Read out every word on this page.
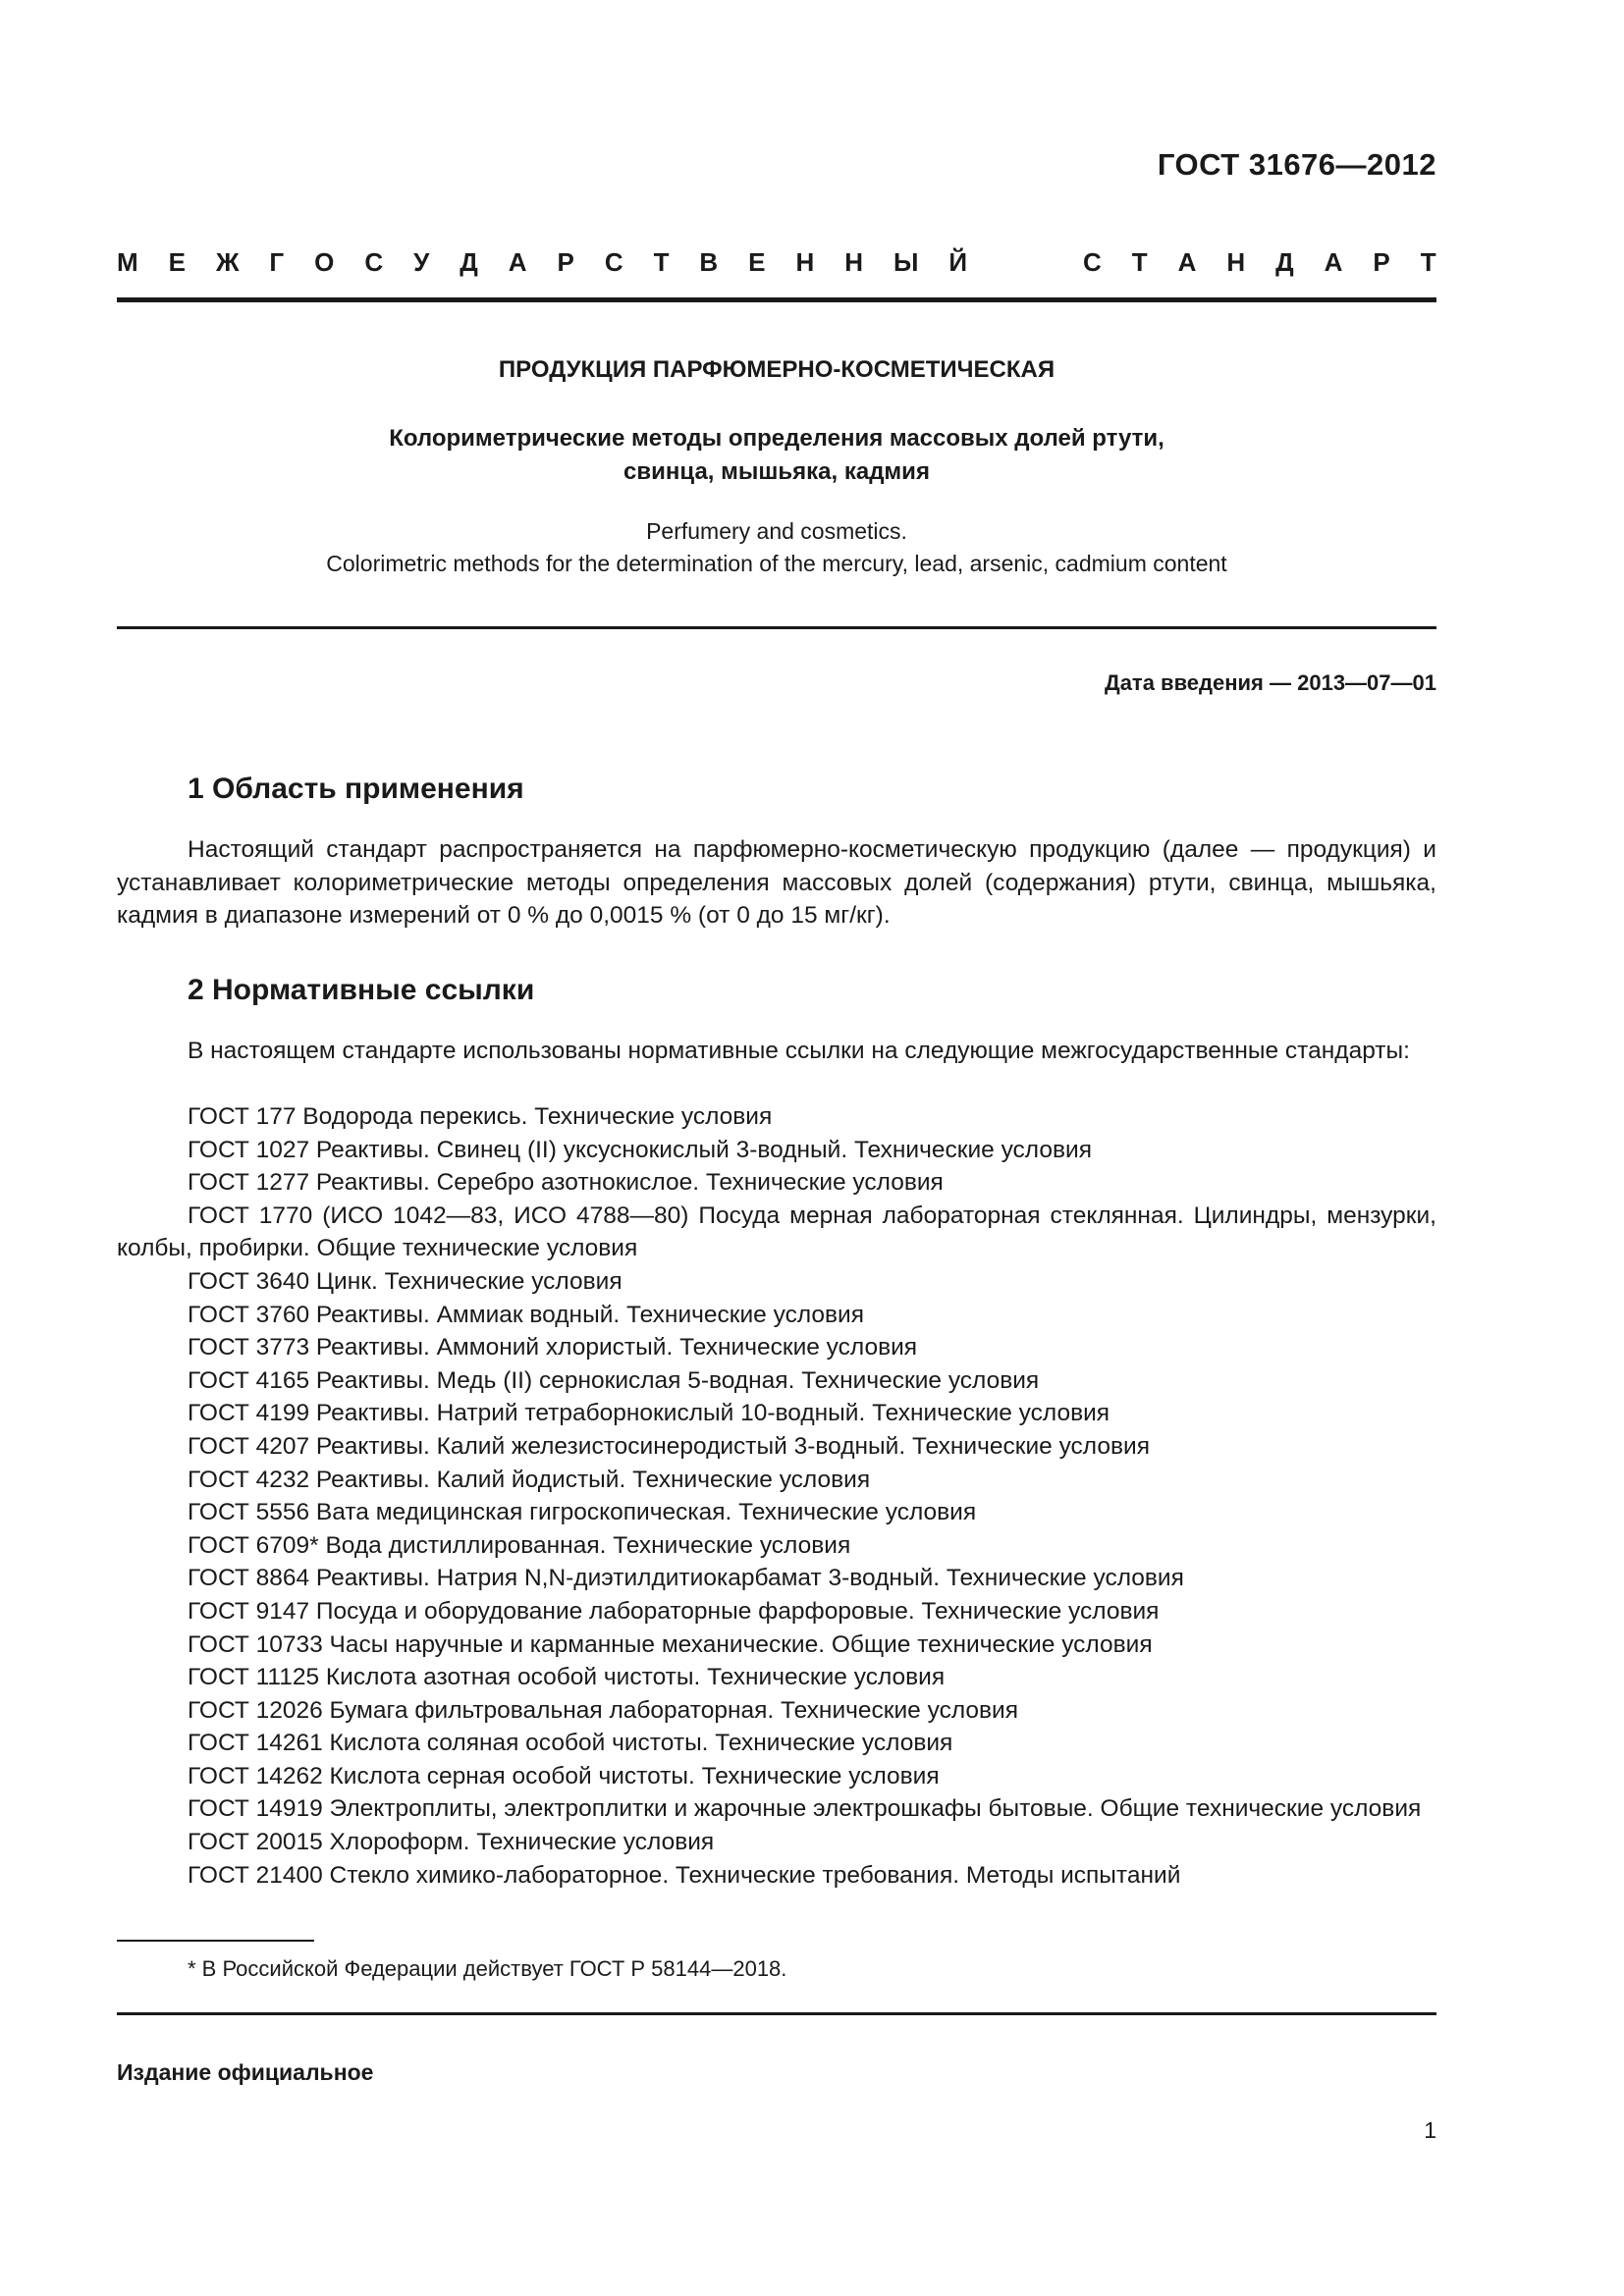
ГОСТ 31676—2012
М Е Ж Г О С У Д А Р С Т В Е Н Н Ы Й	С Т А Н Д А Р Т
ПРОДУКЦИЯ ПАРФЮМЕРНО-КОСМЕТИЧЕСКАЯ
Колориметрические методы определения массовых долей ртути,
свинца, мышьяка, кадмия
Perfumery and cosmetics.
Colorimetric methods for the determination of the mercury, lead, arsenic, cadmium content
Дата введения — 2013—07—01
1 Область применения
Настоящий стандарт распространяется на парфюмерно-косметическую продукцию (далее — продукция) и устанавливает колориметрические методы определения массовых долей (содержания) ртути, свинца, мышьяка, кадмия в диапазоне измерений от 0 % до 0,0015 % (от 0 до 15 мг/кг).
2 Нормативные ссылки
В настоящем стандарте использованы нормативные ссылки на следующие межгосударственные стандарты:
ГОСТ 177 Водорода перекись. Технические условия
ГОСТ 1027 Реактивы. Свинец (II) уксуснокислый 3-водный. Технические условия
ГОСТ 1277 Реактивы. Серебро азотнокислое. Технические условия
ГОСТ 1770 (ИСО 1042—83, ИСО 4788—80) Посуда мерная лабораторная стеклянная. Цилиндры, мензурки, колбы, пробирки. Общие технические условия
ГОСТ 3640 Цинк. Технические условия
ГОСТ 3760 Реактивы. Аммиак водный. Технические условия
ГОСТ 3773 Реактивы. Аммоний хлористый. Технические условия
ГОСТ 4165 Реактивы. Медь (II) сернокислая 5-водная. Технические условия
ГОСТ 4199 Реактивы. Натрий тетраборнокислый 10-водный. Технические условия
ГОСТ 4207 Реактивы. Калий железистосинеродистый 3-водный. Технические условия
ГОСТ 4232 Реактивы. Калий йодистый. Технические условия
ГОСТ 5556 Вата медицинская гигроскопическая. Технические условия
ГОСТ 6709* Вода дистиллированная. Технические условия
ГОСТ 8864 Реактивы. Натрия N,N-диэтилдитиокарбамат 3-водный. Технические условия
ГОСТ 9147 Посуда и оборудование лабораторные фарфоровые. Технические условия
ГОСТ 10733 Часы наручные и карманные механические. Общие технические условия
ГОСТ 11125 Кислота азотная особой чистоты. Технические условия
ГОСТ 12026 Бумага фильтровальная лабораторная. Технические условия
ГОСТ 14261 Кислота соляная особой чистоты. Технические условия
ГОСТ 14262 Кислота серная особой чистоты. Технические условия
ГОСТ 14919 Электроплиты, электроплитки и жарочные электрошкафы бытовые. Общие технические условия
ГОСТ 20015 Хлороформ. Технические условия
ГОСТ 21400 Стекло химико-лабораторное. Технические требования. Методы испытаний
* В Российской Федерации действует ГОСТ Р 58144—2018.
Издание официальное
1
